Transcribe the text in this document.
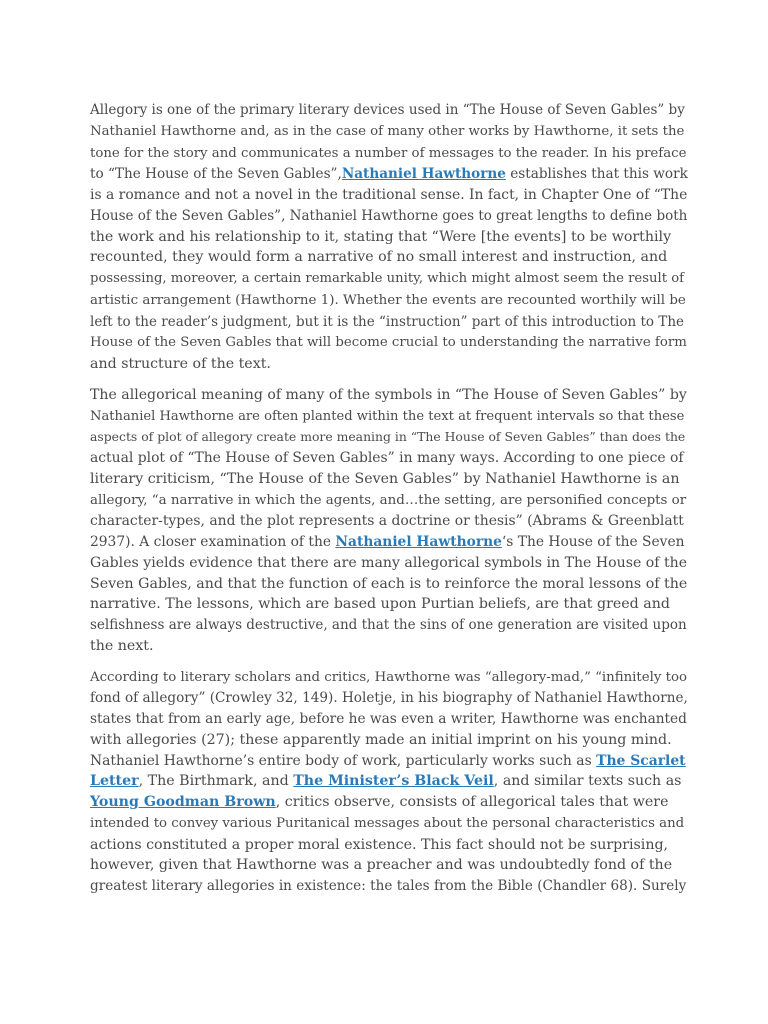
Allegory is one of the primary literary devices used in “The House of Seven Gables” by
Nathaniel Hawthorne and, as in the case of many other works by Hawthorne, it sets the
tone for the story and communicates a number of messages to the reader. In his preface
to “The House of the Seven Gables”,Nathaniel Hawthorne establishes that this work
is a romance and not a novel in the traditional sense. In fact, in Chapter One of “The
House of the Seven Gables”, Nathaniel Hawthorne goes to great lengths to define both
the work and his relationship to it, stating that “Were [the events] to be worthily
recounted, they would form a narrative of no small interest and instruction, and
possessing, moreover, a certain remarkable unity, which might almost seem the result of
artistic arrangement (Hawthorne 1). Whether the events are recounted worthily will be
left to the reader’s judgment, but it is the “instruction” part of this introduction to The
House of the Seven Gables that will become crucial to understanding the narrative form
and structure of the text.

The allegorical meaning of many of the symbols in “The House of Seven Gables” by
Nathaniel Hawthorne are often planted within the text at frequent intervals so that these
aspects of plot of allegory create more meaning in “The House of Seven Gables” than does the
actual plot of “The House of Seven Gables” in many ways. According to one piece of
literary criticism, “The House of the Seven Gables” by Nathaniel Hawthorne is an
allegory, “a narrative in which the agents, and…the setting, are personified concepts or
character-types, and the plot represents a doctrine or thesis” (Abrams & Greenblatt
2937). A closer examination of the Nathaniel Hawthorne‘s The House of the Seven
Gables yields evidence that there are many allegorical symbols in The House of the
Seven Gables, and that the function of each is to reinforce the moral lessons of the
narrative. The lessons, which are based upon Purtian beliefs, are that greed and
selfishness are always destructive, and that the sins of one generation are visited upon
the next.

According to literary scholars and critics, Hawthorne was “allegory-mad,” “infinitely too
fond of allegory” (Crowley 32, 149). Holetje, in his biography of Nathaniel Hawthorne,
states that from an early age, before he was even a writer, Hawthorne was enchanted
with allegories (27); these apparently made an initial imprint on his young mind.
Nathaniel Hawthorne’s entire body of work, particularly works such as The Scarlet
Letter, The Birthmark, and The Minister’s Black Veil, and similar texts such as
Young Goodman Brown, critics observe, consists of allegorical tales that were
intended to convey various Puritanical messages about the personal characteristics and
actions constituted a proper moral existence. This fact should not be surprising,
however, given that Hawthorne was a preacher and was undoubtedly fond of the
greatest literary allegories in existence: the tales from the Bible (Chandler 68). Surely
